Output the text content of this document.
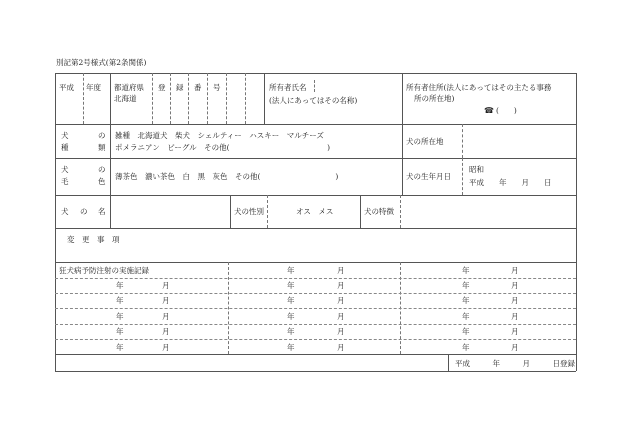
別記第2号様式(第2条関係)
平成 年度 都道府県
北海道
登 録 番 号	所有者氏名
(法人にあってはその名称)
所有者住所(法人にあってはその主たる事務
所の所在地)
☎ (　　)
犬	の
種	類
雑種　北海道犬　柴犬　シェルティー　ハスキー　マルチーズ
ポメラニアン　ビーグル　その他(　　　　　　　　　　　　　)
犬の所在地
犬	の
毛	色
薄茶色　濃い茶色　白　黒　灰色　その他(　　　　　　　　　　)	犬の生年月日
昭和
平成　　年　　月　　日
犬 の 名	犬の性別	オス　メス	犬の特徴
変　更　事　項
狂犬病予防注射の実施記録	年	月	年	月
年	月	年	月	年	月
年	月	年	月	年	月
年	月	年	月	年	月
年	月	年	月	年	月
年	月	年	月	年	月
平成　　　年　　　月　　　日登録
